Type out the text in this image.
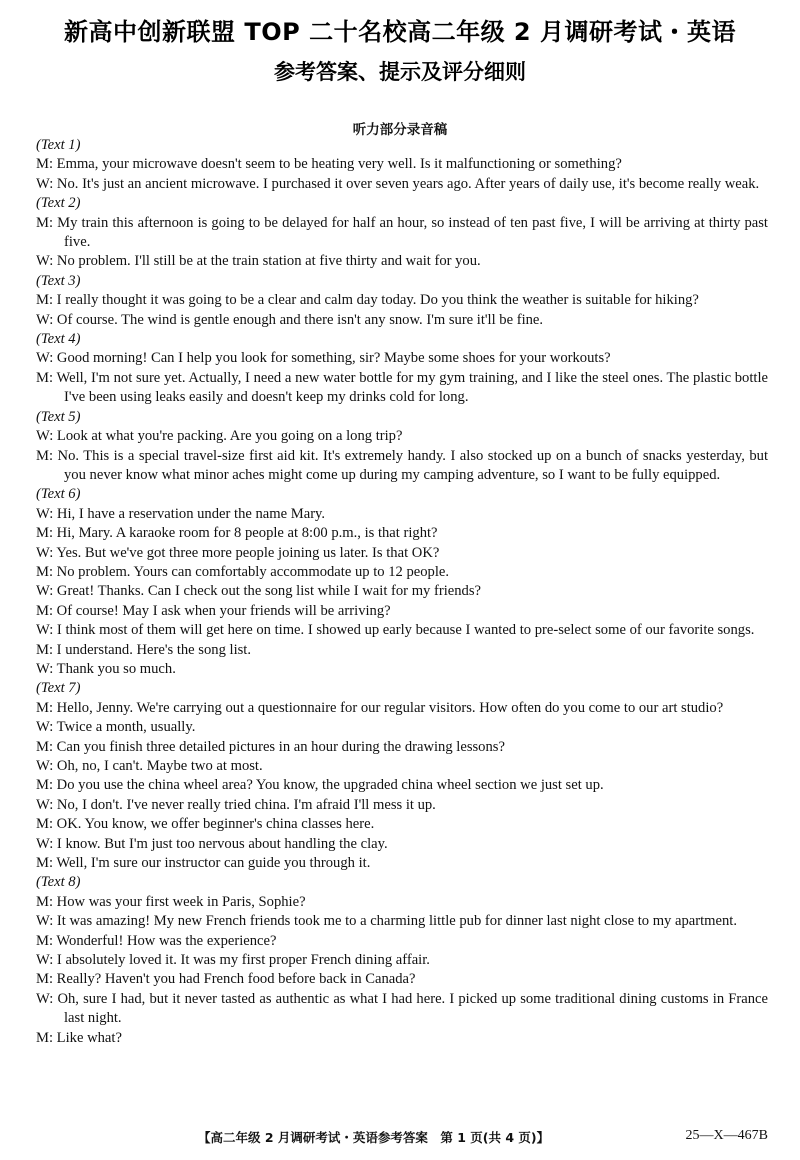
新高中创新联盟 TOP 二十名校高二年级 2 月调研考试・英语
参考答案、提示及评分细则
听力部分录音稿

(Text 1)

M: Emma, your microwave doesn't seem to be heating very well. Is it malfunctioning or something?

W: No. It's just an ancient microwave. I purchased it over seven years ago. After years of daily use, it's become really weak.

(Text 2)

M: My train this afternoon is going to be delayed for half an hour, so instead of ten past five, I will be arriving at thirty past five.

W: No problem. I'll still be at the train station at five thirty and wait for you.

(Text 3)

M: I really thought it was going to be a clear and calm day today. Do you think the weather is suitable for hiking?

W: Of course. The wind is gentle enough and there isn't any snow. I'm sure it'll be fine.

(Text 4)

W: Good morning! Can I help you look for something, sir? Maybe some shoes for your workouts?

M: Well, I'm not sure yet. Actually, I need a new water bottle for my gym training, and I like the steel ones. The plastic bottle I've been using leaks easily and doesn't keep my drinks cold for long.

(Text 5)

W: Look at what you're packing. Are you going on a long trip?

M: No. This is a special travel-size first aid kit. It's extremely handy. I also stocked up on a bunch of snacks yesterday, but you never know what minor aches might come up during my camping adventure, so I want to be fully equipped.

(Text 6)

W: Hi, I have a reservation under the name Mary.

M: Hi, Mary. A karaoke room for 8 people at 8:00 p.m., is that right?

W: Yes. But we've got three more people joining us later. Is that OK?

M: No problem. Yours can comfortably accommodate up to 12 people.

W: Great! Thanks. Can I check out the song list while I wait for my friends?

M: Of course! May I ask when your friends will be arriving?

W: I think most of them will get here on time. I showed up early because I wanted to pre-select some of our favorite songs.

M: I understand. Here's the song list.

W: Thank you so much.

(Text 7)

M: Hello, Jenny. We're carrying out a questionnaire for our regular visitors. How often do you come to our art studio?

W: Twice a month, usually.

M: Can you finish three detailed pictures in an hour during the drawing lessons?

W: Oh, no, I can't. Maybe two at most.

M: Do you use the china wheel area? You know, the upgraded china wheel section we just set up.

W: No, I don't. I've never really tried china. I'm afraid I'll mess it up.

M: OK. You know, we offer beginner's china classes here.

W: I know. But I'm just too nervous about handling the clay.

M: Well, I'm sure our instructor can guide you through it.

(Text 8)

M: How was your first week in Paris, Sophie?

W: It was amazing! My new French friends took me to a charming little pub for dinner last night close to my apartment.

M: Wonderful! How was the experience?

W: I absolutely loved it. It was my first proper French dining affair.

M: Really? Haven't you had French food before back in Canada?

W: Oh, sure I had, but it never tasted as authentic as what I had here. I picked up some traditional dining customs in France last night.

M: Like what?

【高二年级 2 月调研考试・英语参考答案　第 1 页(共 4 页)】	25—X—467B
